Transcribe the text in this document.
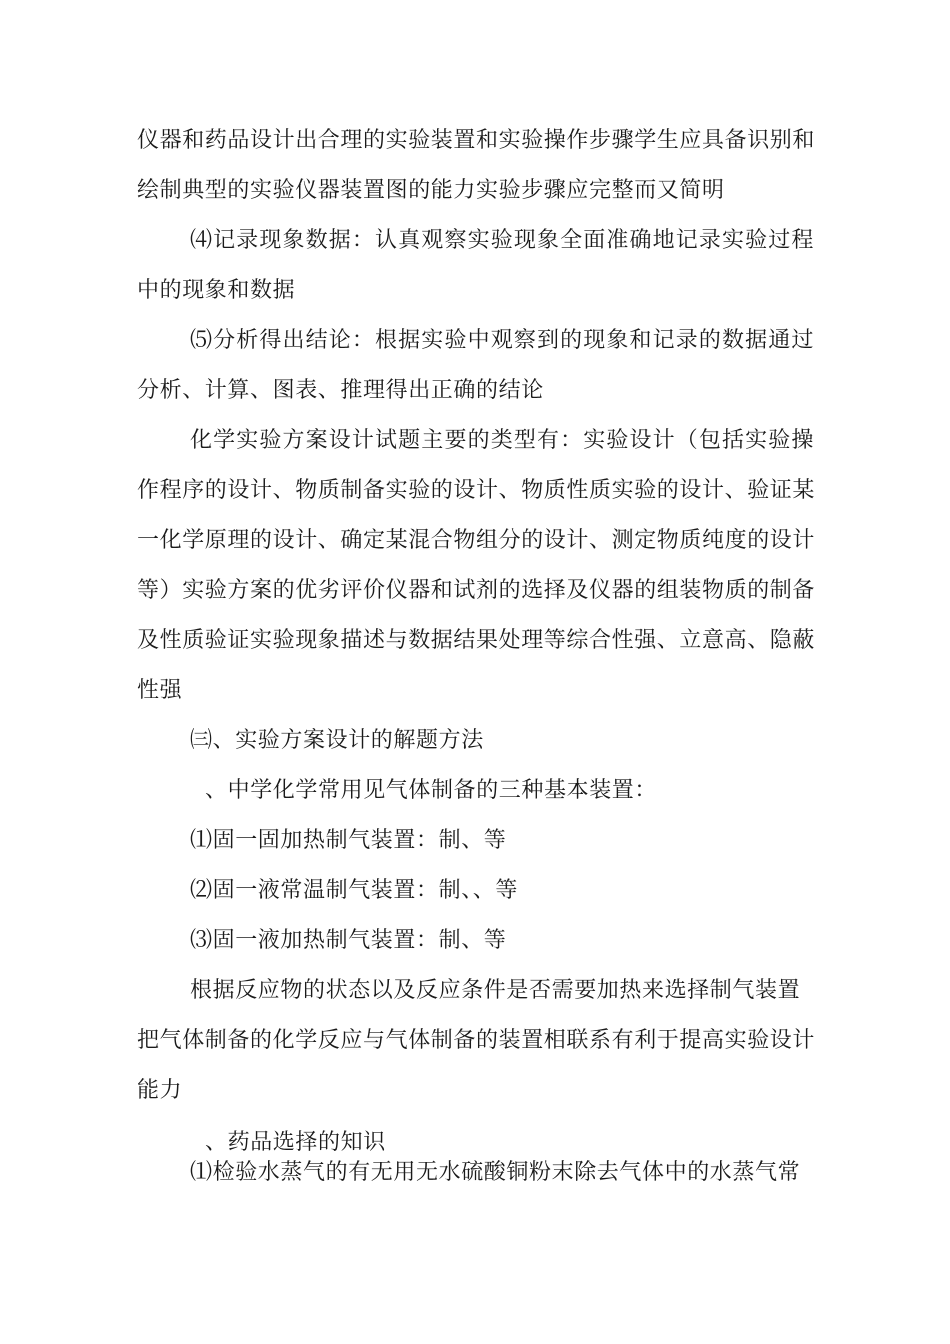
仪器和药品设计出合理的实验装置和实验操作步骤学生应具备识别和
绘制典型的实验仪器装置图的能力实验步骤应完整而又简明
⑷记录现象数据：认真观察实验现象全面准确地记录实验过程
中的现象和数据
⑸分析得出结论：根据实验中观察到的现象和记录的数据通过
分析、计算、图表、推理得出正确的结论
化学实验方案设计试题主要的类型有：实验设计（包括实验操
作程序的设计、物质制备实验的设计、物质性质实验的设计、验证某
一化学原理的设计、确定某混合物组分的设计、测定物质纯度的设计
等）实验方案的优劣评价仪器和试剂的选择及仪器的组装物质的制备
及性质验证实验现象描述与数据结果处理等综合性强、立意高、隐蔽
性强
㈢、实验方案设计的解题方法
、中学化学常用见气体制备的三种基本装置：
⑴固一固加热制气装置：制、等
⑵固一液常温制气装置：制、、等
⑶固一液加热制气装置：制、等
根据反应物的状态以及反应条件是否需要加热来选择制气装置
把气体制备的化学反应与气体制备的装置相联系有利于提高实验设计
能力
、药品选择的知识
⑴检验水蒸气的有无用无水硫酸铜粉末除去气体中的水蒸气常
